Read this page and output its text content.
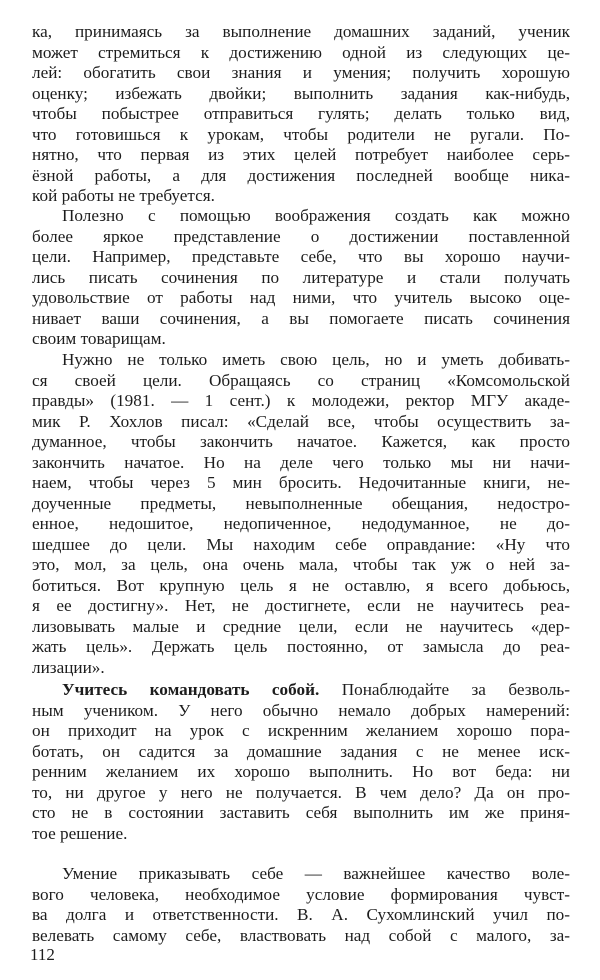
ка, принимаясь за выполнение домашних заданий, ученик
может стремиться к достижению одной из следующих це-
лей: обогатить свои знания и умения; получить хорошую
оценку; избежать двойки; выполнить задания как-нибудь,
чтобы побыстрее отправиться гулять; делать только вид,
что готовишься к урокам, чтобы родители не ругали. По-
нятно, что первая из этих целей потребует наиболее серь-
ёзной работы, а для достижения последней вообще никa-
кой работы не требуется.
Полезно с помощью воображения создать как можно
более яркое представление о достижении поставленной
цели. Например, представьте себе, что вы хорошо научи-
лись писать сочинения по литературе и стали получать
удовольствие от работы над ними, что учитель высоко оце-
нивает ваши сочинения, а вы помогаете писать сочинения
своим товарищам.
Нужно не только иметь свою цель, но и уметь добивать-
ся своей цели. Обращаясь со страниц «Комсомольской
правды» (1981. — 1 сент.) к молодежи, ректор МГУ акаде-
мик Р. Хохлов писал: «Сделай все, чтобы осуществить за-
думанное, чтобы закончить начатое. Кажется, как просто
закончить начатое. Но на деле чего только мы ни начи-
наем, чтобы через 5 мин бросить. Недочитанные книги, не-
доученные предметы, невыполненные обещания, недостро-
енное, недошитое, недопиченное, недодуманное, не до-
шедшее до цели. Мы находим себе оправдание: «Ну что
это, мол, за цель, она очень мала, чтобы так уж о ней за-
ботиться. Вот крупную цель я не оставлю, я всего добьюсь,
я ее достигну». Нет, не достигнете, если не научитесь реа-
лизовывать малые и средние цели, если не научитесь «дер-
жать цель». Держать цель постоянно, от замысла до реа-
лизации».
Учитесь командовать собой. Понаблюдайте за безволь-
ным учеником. У него обычно немало добрых намерений:
он приходит на урок с искренним желанием хорошо пора-
ботать, он садится за домашние задания с не менее иск-
ренним желанием их хорошо выполнить. Но вот беда: ни
то, ни другое у него не получается. В чем дело? Да он про-
сто не в состоянии заставить себя выполнить им же приня-
тое решение.
Умение приказывать себе — важнейшее качество воле-
вого человека, необходимое условие формирования чувст-
ва долга и ответственности. В. А. Сухомлинский учил по-
велевать самому себе, властвовать над собой с малого, за-
112
